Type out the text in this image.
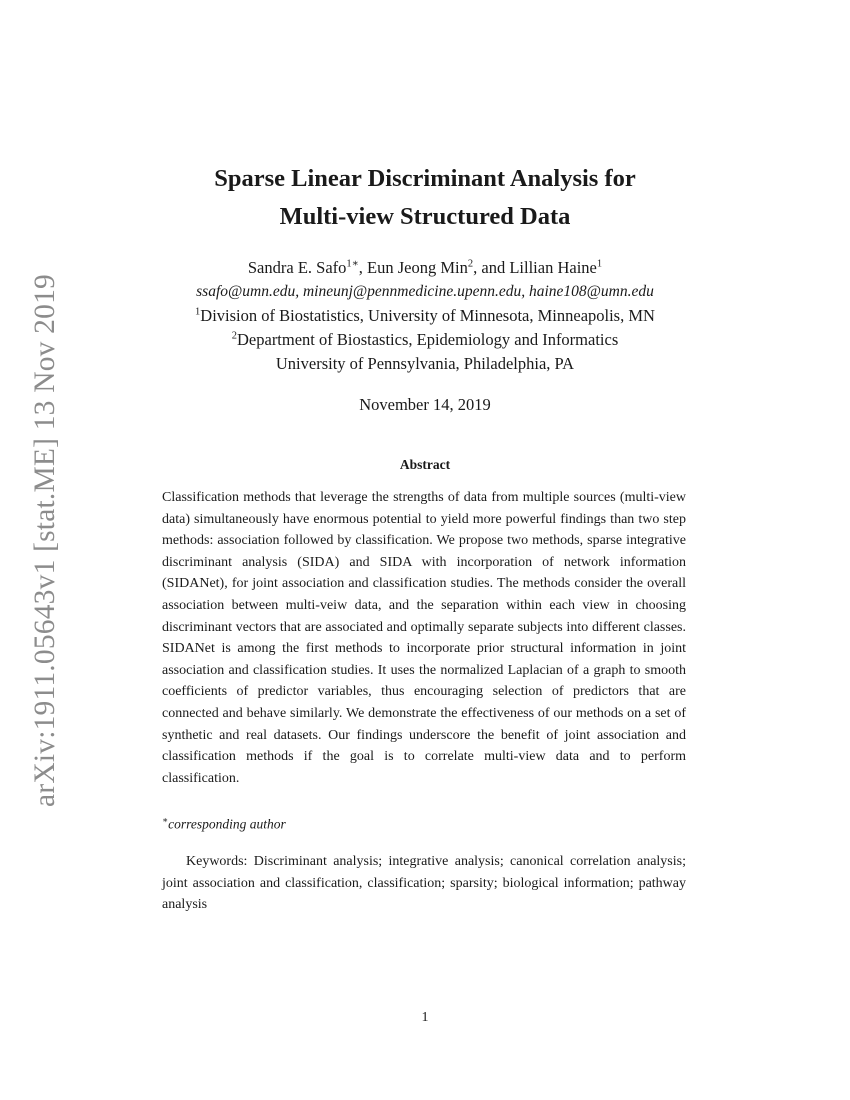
arXiv:1911.05643v1 [stat.ME] 13 Nov 2019
Sparse Linear Discriminant Analysis for
Multi-view Structured Data
Sandra E. Safo$^{1∗}$, Eun Jeong Min$^2$, and Lillian Haine$^1$
ssafo@umn.edu, mineunj@pennmedicine.upenn.edu, haine108@umn.edu
$^1$Division of Biostatistics, University of Minnesota, Minneapolis, MN
$^2$Department of Biostastics, Epidemiology and Informatics
University of Pennsylvania, Philadelphia, PA
November 14, 2019
Abstract

Classification methods that leverage the strengths of data from multiple sources (multi-view data) simultaneously have enormous potential to yield more powerful findings than two step methods: association followed by classification. We propose two methods, sparse integrative discriminant analysis (SIDA) and SIDA with incorporation of network information (SIDANet), for joint association and classification studies. The methods consider the overall association between multi-veiw data, and the separation within each view in choosing discriminant vectors that are associated and optimally separate subjects into different classes. SIDANet is among the first methods to incorporate prior structural information in joint association and classification studies. It uses the normalized Laplacian of a graph to smooth coefficients of predictor variables, thus encouraging selection of predictors that are connected and behave similarly. We demonstrate the effectiveness of our methods on a set of synthetic and real datasets. Our findings underscore the benefit of joint association and classification methods if the goal is to correlate multi-view data and to perform classification.

∗corresponding author

Keywords: Discriminant analysis; integrative analysis; canonical correlation analysis; joint association and classification, classification; sparsity; biological information; pathway analysis

1
